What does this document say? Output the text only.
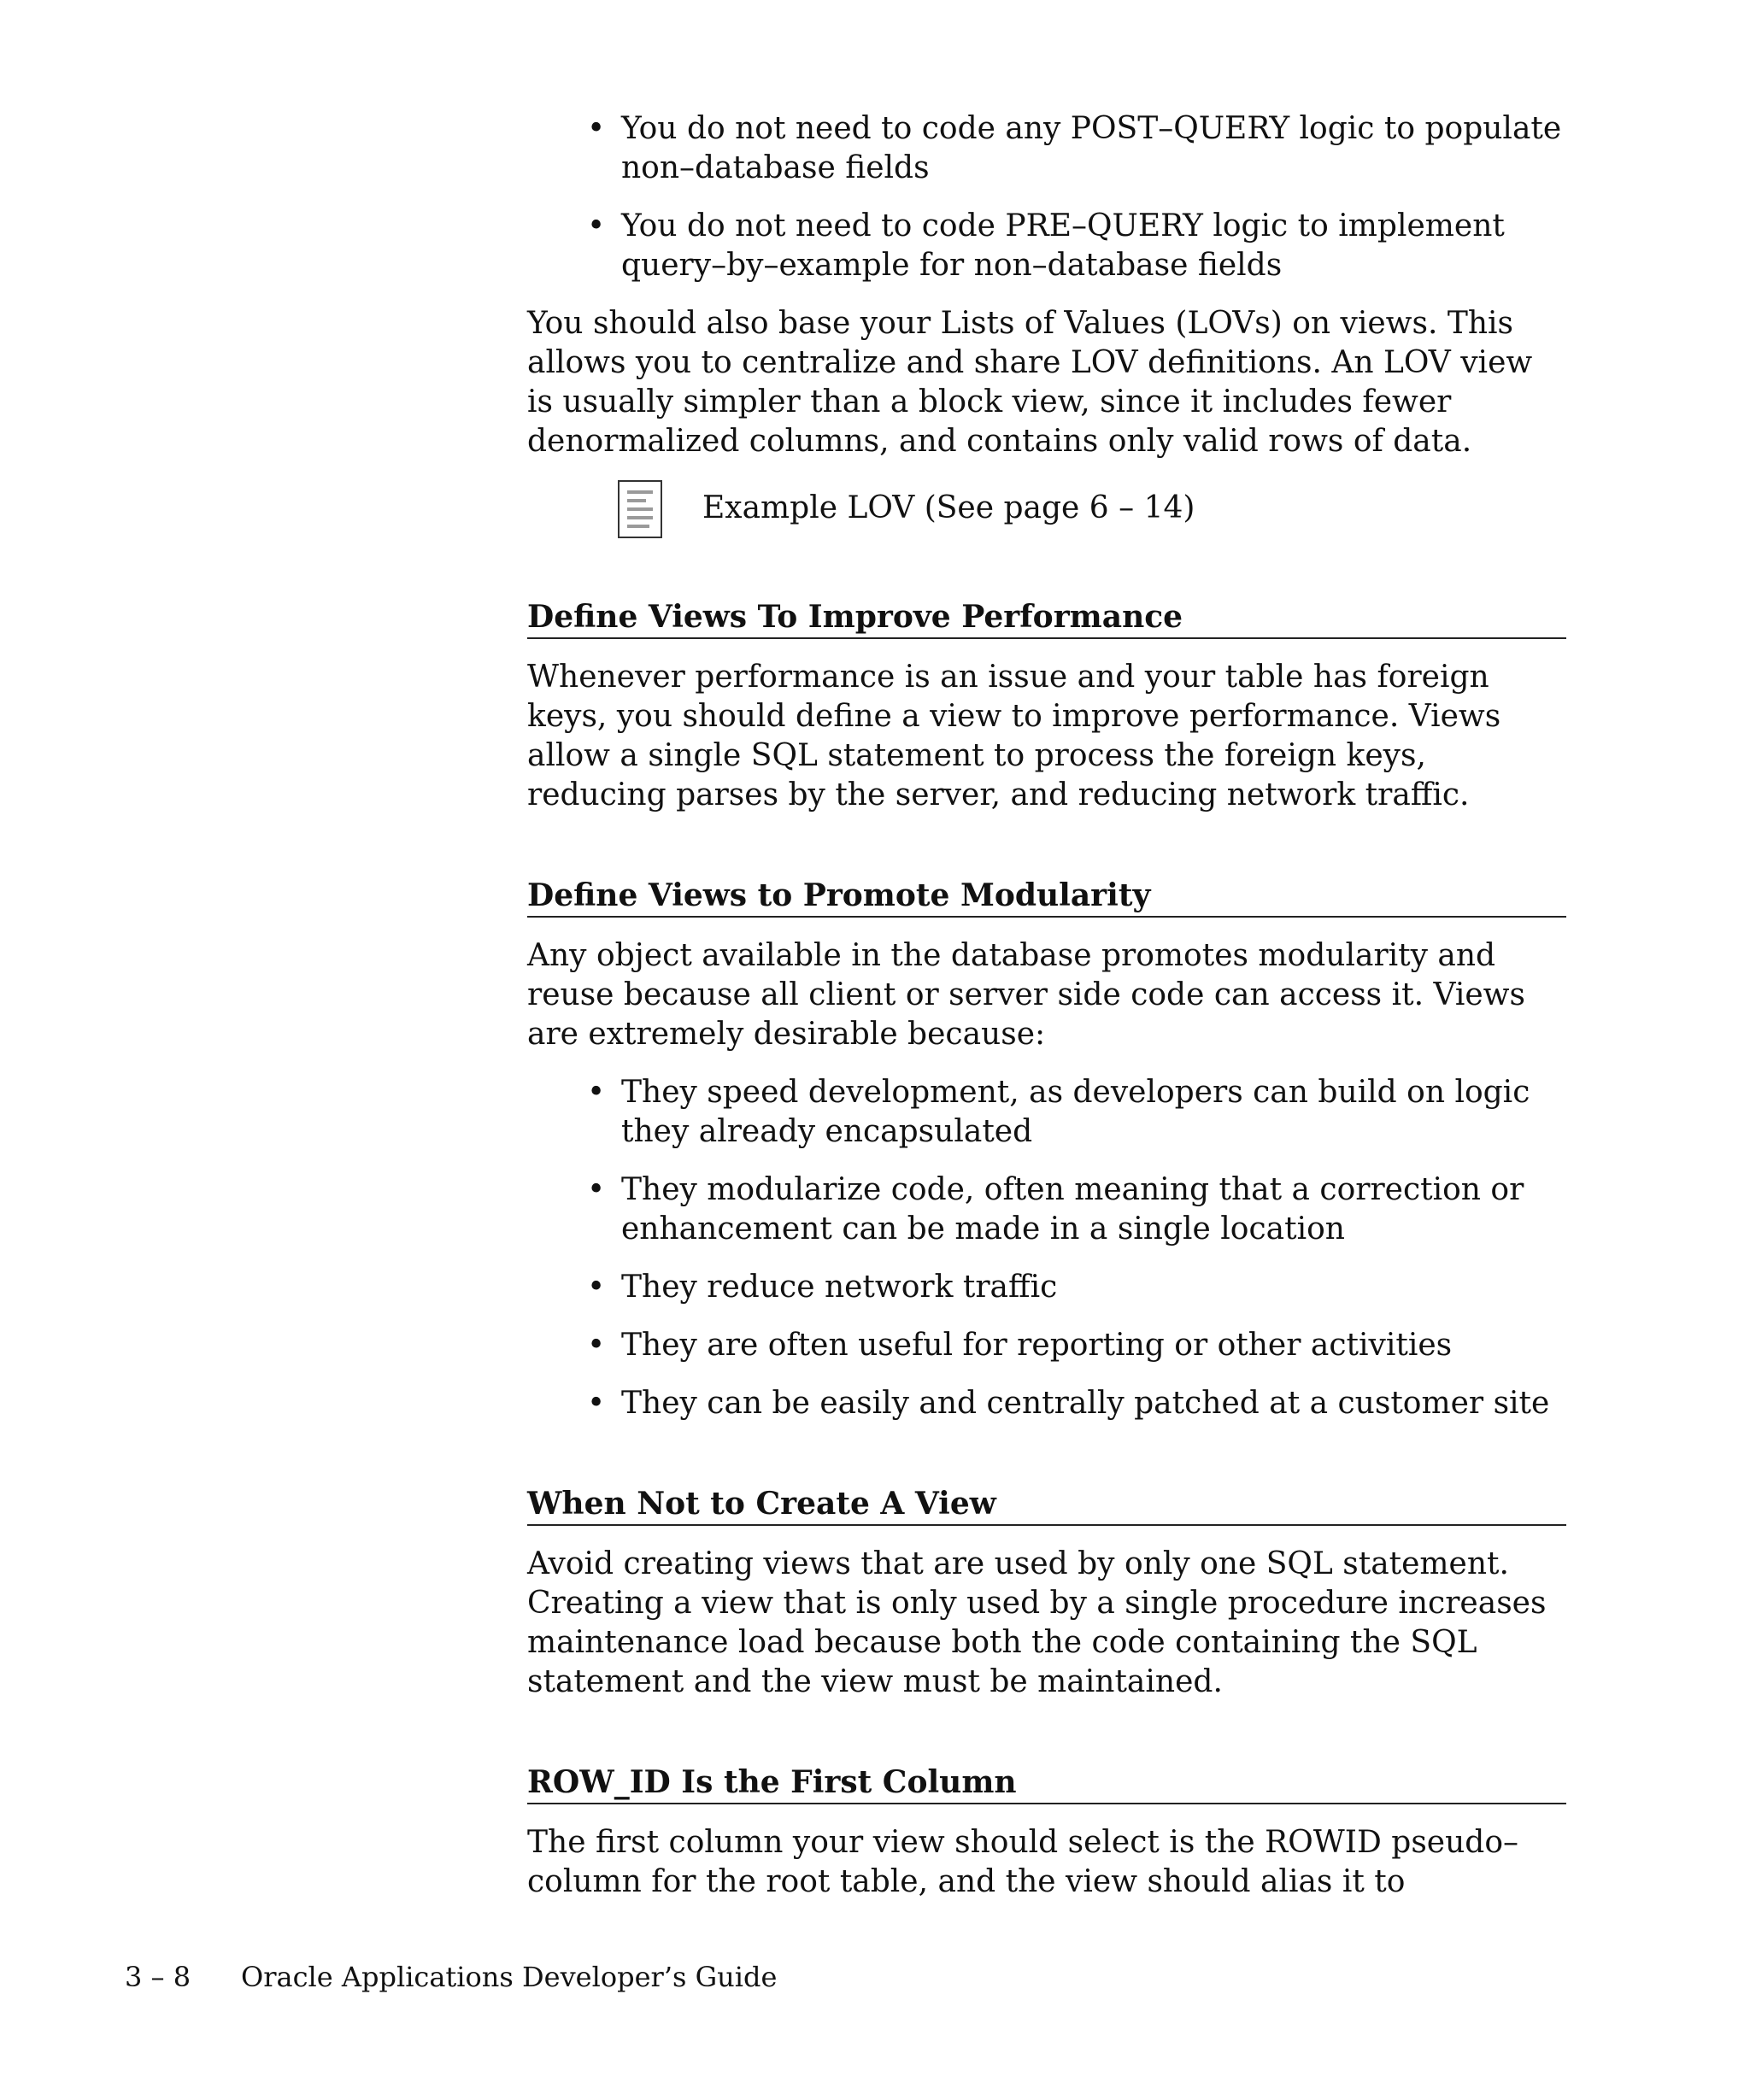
• You do not need to code any POST–QUERY logic to populate non–database fields
• You do not need to code PRE–QUERY logic to implement query–by–example for non–database fields

You should also base your Lists of Values (LOVs) on views. This allows you to centralize and share LOV definitions. An LOV view is usually simpler than a block view, since it includes fewer denormalized columns, and contains only valid rows of data.

Example LOV (See page 6 – 14)
Define Views To Improve Performance

Whenever performance is an issue and your table has foreign keys, you should define a view to improve performance. Views allow a single SQL statement to process the foreign keys, reducing parses by the server, and reducing network traffic.

Define Views to Promote Modularity

Any object available in the database promotes modularity and reuse because all client or server side code can access it. Views are extremely desirable because:

• They speed development, as developers can build on logic they already encapsulated
• They modularize code, often meaning that a correction or enhancement can be made in a single location
• They reduce network traffic
• They are often useful for reporting or other activities
• They can be easily and centrally patched at a customer site
When Not to Create A View

Avoid creating views that are used by only one SQL statement. Creating a view that is only used by a single procedure increases maintenance load because both the code containing the SQL statement and the view must be maintained.

ROW_ID Is the First Column

The first column your view should select is the ROWID pseudo–column for the root table, and the view should alias it to

3 – 8 Oracle Applications Developer’s Guide
